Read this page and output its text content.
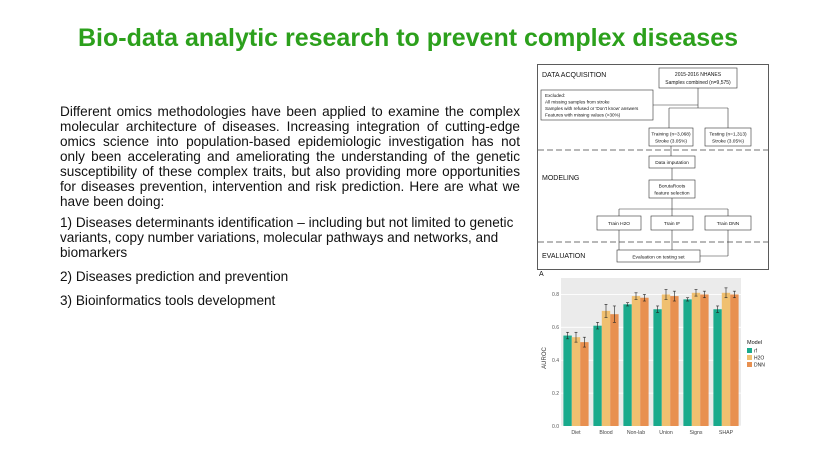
Bio-data analytic research to prevent complex diseases

Different omics methodologies have been applied to examine the complex molecular architecture of diseases. Increasing integration of cutting-edge omics science into population-based epidemiologic investigation has not only been accelerating and ameliorating the understanding of the genetic susceptibility of these complex traits, but also providing more opportunities for diseases prevention, intervention and risk prediction. Here are what we have been doing:

1) Diseases determinants identification – including but not limited to genetic variants, copy number variations, molecular pathways and networks, and biomarkers

2) Diseases prediction and prevention

3) Bioinformatics tools development

DATA ACQUISITION
MODELING
EVALUATION
2015-2016 NHANES
Samples combined (n=9,575)
Excluded:
All missing samples from stroke
Samples with refused or 'Don't know' answers
Features with missing values (>30%)
Training (n=3,068)
Stroke (3.05%)
Testing (n=1,313)
Stroke (3.05%)
Data imputation
BorutaRoots
feature selection
Train H2O	Train IF	Train DNN
Evaluation on testing set
A
AUROC
0.0
0.2
0.4
0.6
0.8
Diet	Blood	Non-lab	Union	Signs	SHAP
Model
rf
H2O
DNN
